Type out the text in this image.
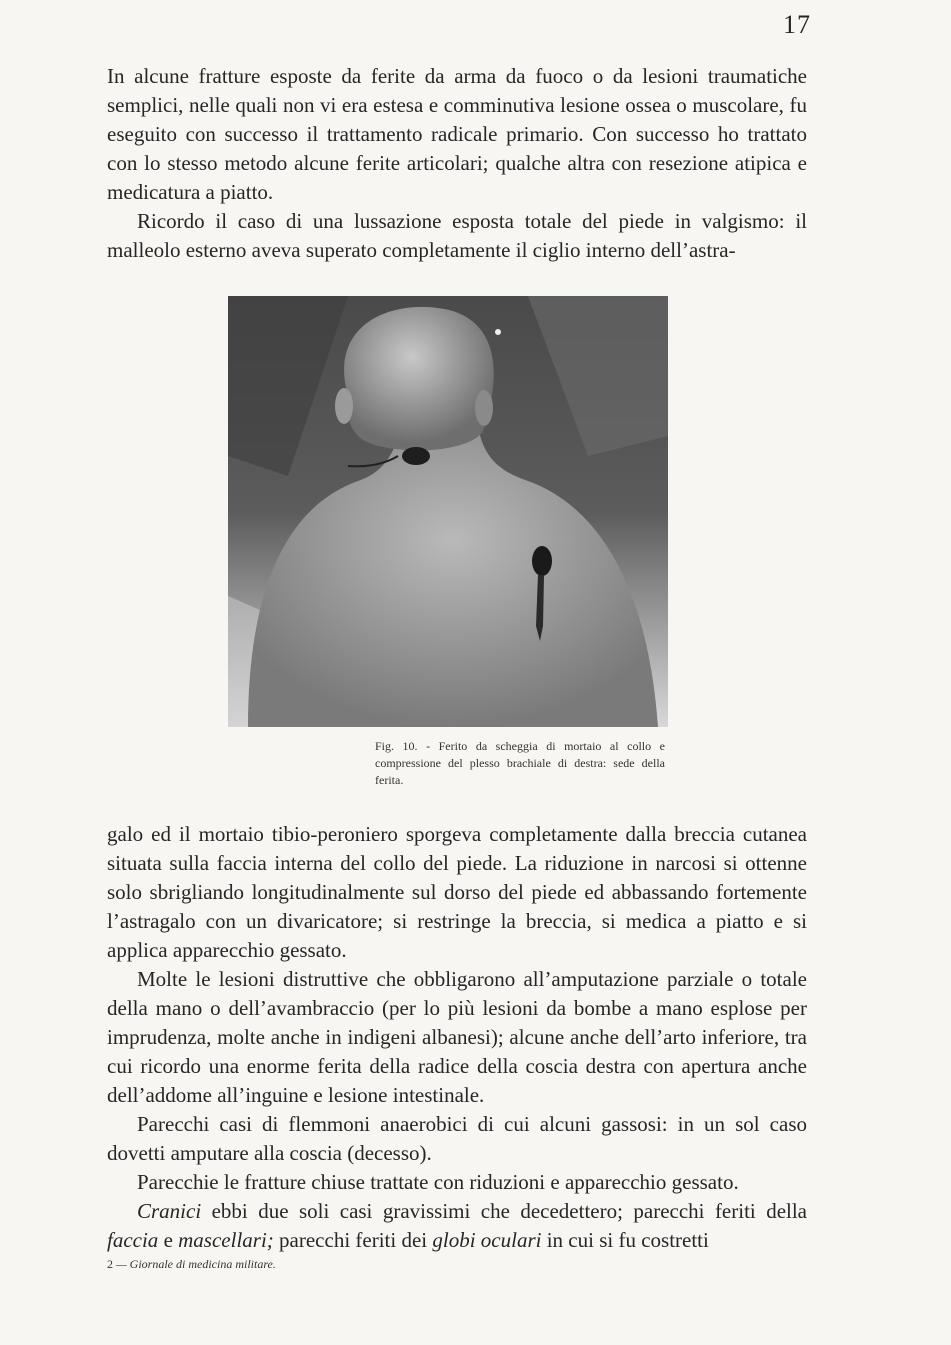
17

In alcune fratture esposte da ferite da arma da fuoco o da lesioni traumatiche semplici, nelle quali non vi era estesa e comminutiva lesione ossea o muscolare, fu eseguito con successo il trattamento radicale primario. Con successo ho trattato con lo stesso metodo alcune ferite articolari; qualche altra con resezione atipica e medicatura a piatto.

Ricordo il caso di una lussazione esposta totale del piede in valgismo: il malleolo esterno aveva superato completamente il ciglio interno dell’astra-

Fig. 10. - Ferito da scheggia di mortaio al collo e compressione del plesso brachiale di destra: sede della ferita.

galo ed il mortaio tibio-peroniero sporgeva completamente dalla breccia cutanea situata sulla faccia interna del collo del piede. La riduzione in narcosi si ottenne solo sbrigliando longitudinalmente sul dorso del piede ed abbassando fortemente l’astragalo con un divaricatore; si restringe la breccia, si medica a piatto e si applica apparecchio gessato.

Molte le lesioni distruttive che obbligarono all’amputazione parziale o totale della mano o dell’avambraccio (per lo più lesioni da bombe a mano esplose per imprudenza, molte anche in indigeni albanesi); alcune anche dell’arto inferiore, tra cui ricordo una enorme ferita della radice della coscia destra con apertura anche dell’addome all’inguine e lesione intestinale.

Parecchi casi di flemmoni anaerobici di cui alcuni gassosi: in un sol caso dovetti amputare alla coscia (decesso).

Parecchie le fratture chiuse trattate con riduzioni e apparecchio gessato.

Cranici ebbi due soli casi gravissimi che decedettero; parecchi feriti della faccia e mascellari; parecchi feriti dei globi oculari in cui si fu costretti

2 — Giornale di medicina militare.
